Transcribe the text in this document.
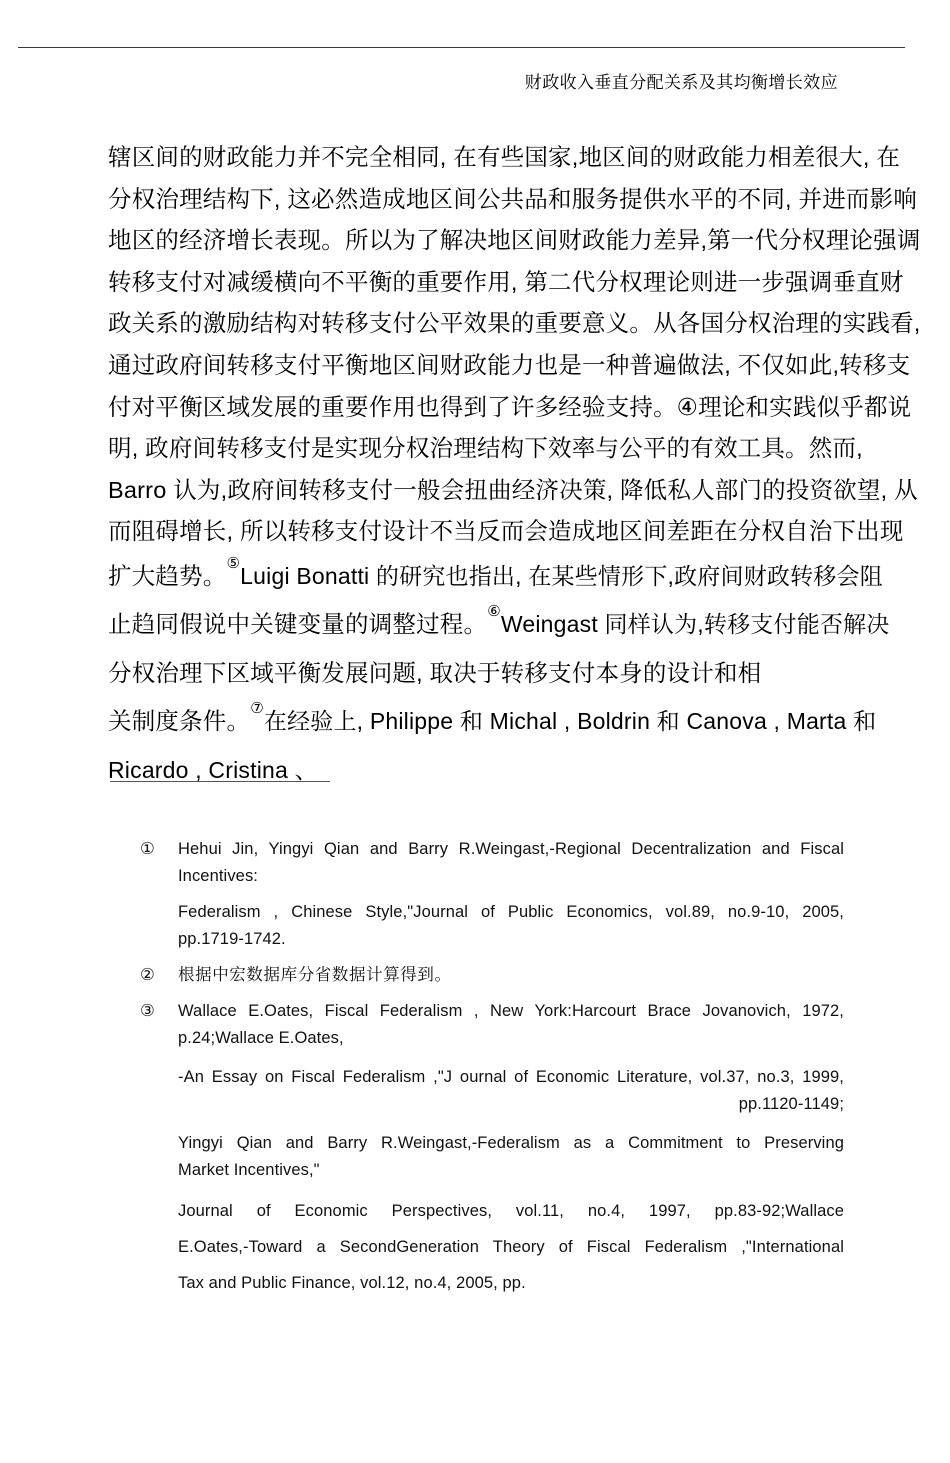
财政收入垂直分配关系及其均衡增长效应
辖区间的财政能力并不完全相同, 在有些国家,地区间的财政能力相差很大, 在
分权治理结构下, 这必然造成地区间公共品和服务提供水平的不同, 并进而影响
地区的经济增长表现。所以为了解决地区间财政能力差异,第一代分权理论强调
转移支付对减缓横向不平衡的重要作用, 第二代分权理论则进一步强调垂直财
政关系的激励结构对转移支付公平效果的重要意义。从各国分权治理的实践看,
通过政府间转移支付平衡地区间财政能力也是一种普遍做法, 不仅如此,转移支
付对平衡区域发展的重要作用也得到了许多经验支持。④理论和实践似乎都说
明, 政府间转移支付是实现分权治理结构下效率与公平的有效工具。然而,
Barro 认为,政府间转移支付一般会扭曲经济决策, 降低私人部门的投资欲望, 从
而阻碍增长, 所以转移支付设计不当反而会造成地区间差距在分权自治下出现
扩大趋势。⑤Luigi Bonatti 的研究也指出, 在某些情形下,政府间财政转移会阻
止趋同假说中关键变量的调整过程。⑥Weingast 同样认为,转移支付能否解决
分权治理下区域平衡发展问题, 取决于转移支付本身的设计和相
关制度条件。⑦在经验上, Philippe 和 Michal , Boldrin 和 Canova , Marta 和
Ricardo , Cristina 、
①	Hehui Jin, Yingyi Qian and Barry R.Weingast,-Regional Decentralization and Fiscal
Incentives:
Federalism , Chinese Style,"Journal of Public Economics, vol.89, no.9-10, 2005,
pp.1719-1742.
②	根据中宏数据库分省数据计算得到。
③	Wallace E.Oates, Fiscal Federalism , New York:Harcourt Brace Jovanovich, 1972,
p.24;Wallace E.Oates,
-An Essay on Fiscal Federalism ,"J ournal of Economic Literature, vol.37, no.3, 1999,
pp.1120-1149;
Yingyi Qian and Barry R.Weingast,-Federalism as a Commitment to Preserving
Market Incentives,"
Journal of Economic Perspectives, vol.11, no.4, 1997, pp.83-92;Wallace
E.Oates,-Toward a SecondGeneration Theory of Fiscal Federalism ,"International
Tax and Public Finance, vol.12, no.4, 2005, pp.
